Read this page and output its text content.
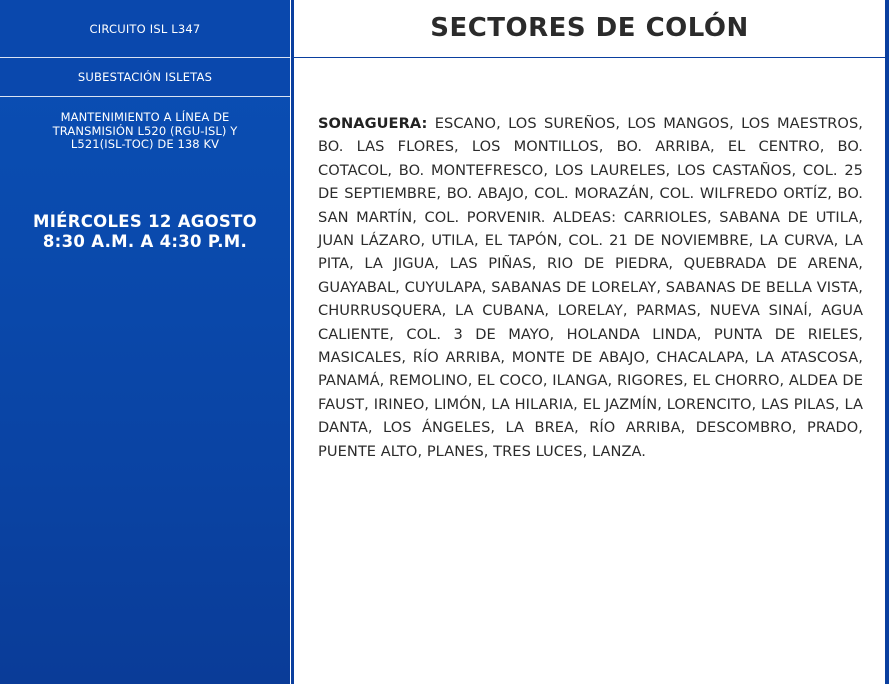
CIRCUITO ISL L347
SUBESTACIÓN ISLETAS
MANTENIMIENTO A LÍNEA DE
TRANSMISIÓN L520 (RGU-ISL) Y
L521(ISL-TOC) DE 138 KV
MIÉRCOLES 12 AGOSTO
8:30 A.M. A 4:30 P.M.
SECTORES DE COLÓN
SONAGUERA: ESCANO, LOS SUREÑOS, LOS MANGOS, LOS MAESTROS, BO. LAS FLORES, LOS MONTILLOS, BO. ARRIBA, EL CENTRO, BO. COTACOL, BO. MONTEFRESCO, LOS LAURELES, LOS CASTAÑOS, COL. 25 DE SEPTIEMBRE, BO. ABAJO, COL. MORAZÁN, COL. WILFREDO ORTÍZ, BO. SAN MARTÍN, COL. PORVENIR. ALDEAS: CARRIOLES, SABANA DE UTILA, JUAN LÁZARO, UTILA, EL TAPÓN, COL. 21 DE NOVIEMBRE, LA CURVA, LA PITA, LA JIGUA, LAS PIÑAS, RIO DE PIEDRA, QUEBRADA DE ARENA, GUAYABAL, CUYULAPA, SABANAS DE LORELAY, SABANAS DE BELLA VISTA, CHURRUSQUERA, LA CUBANA, LORELAY, PARMAS, NUEVA SINAÍ, AGUA CALIENTE, COL. 3 DE MAYO, HOLANDA LINDA, PUNTA DE RIELES, MASICALES, RÍO ARRIBA, MONTE DE ABAJO, CHACALAPA, LA ATASCOSA, PANAMÁ, REMOLINO, EL COCO, ILANGA, RIGORES, EL CHORRO, ALDEA DE FAUST, IRINEO, LIMÓN, LA HILARIA, EL JAZMÍN, LORENCITO, LAS PILAS, LA DANTA, LOS ÁNGELES, LA BREA, RÍO ARRIBA, DESCOMBRO, PRADO, PUENTE ALTO, PLANES, TRES LUCES, LANZA.
